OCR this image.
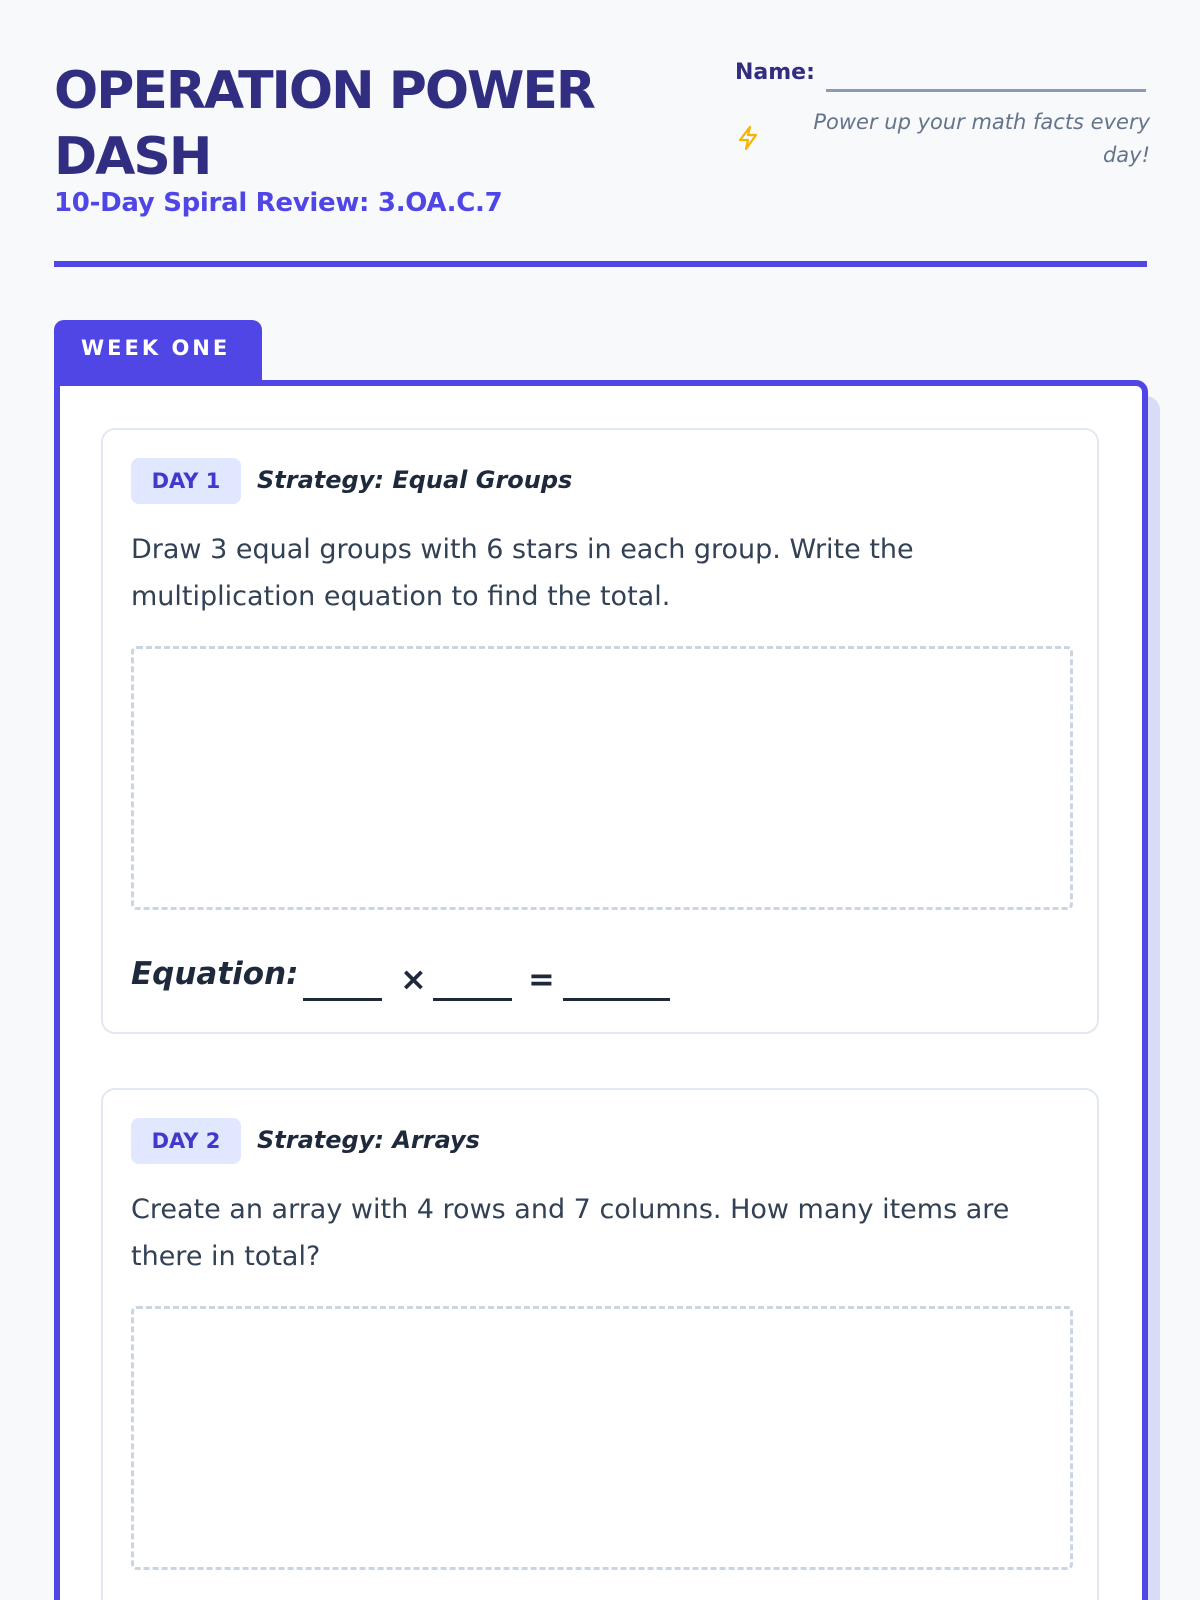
OPERATION POWER DASH
10-Day Spiral Review: 3.OA.C.7
Name:
Power up your math facts every day!
WEEK ONE
DAY 1	Strategy: Equal Groups
Draw 3 equal groups with 6 stars in each group. Write the multiplication equation to find the total.
Equation:	×	=
DAY 2	Strategy: Arrays
Create an array with 4 rows and 7 columns. How many items are there in total?
